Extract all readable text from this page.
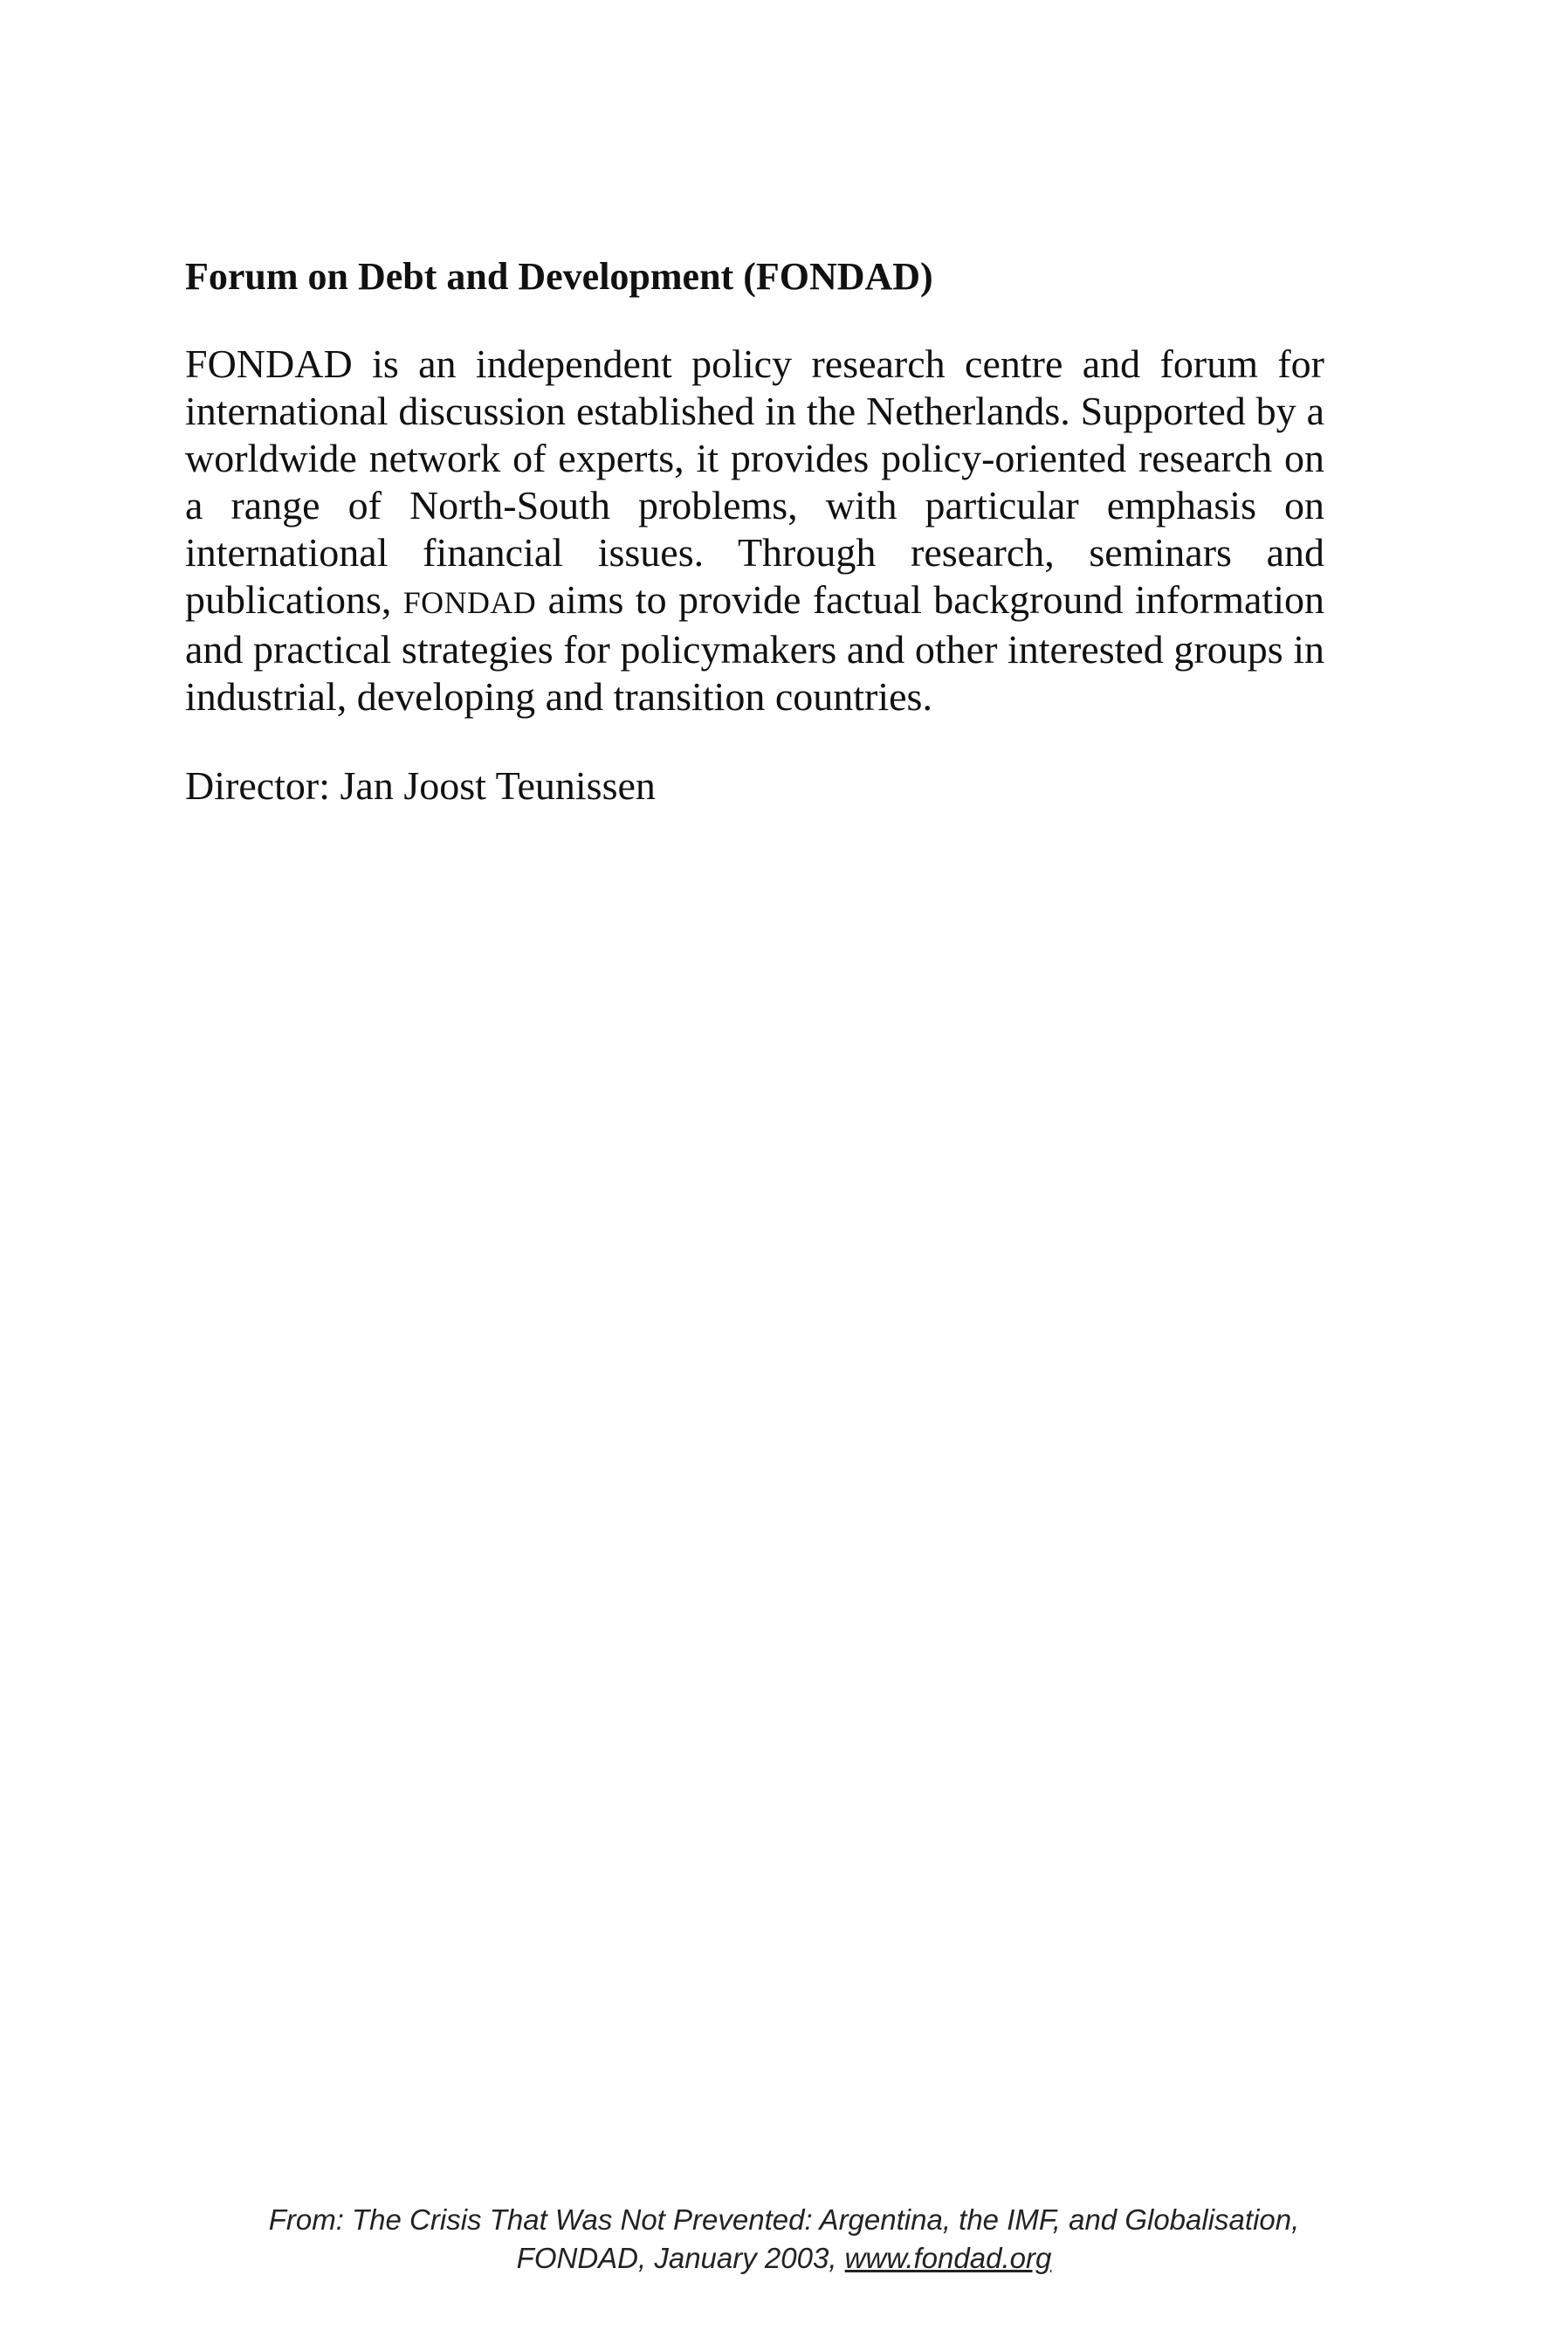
Forum on Debt and Development (FONDAD)

FONDAD is an independent policy research centre and forum for international discussion established in the Netherlands. Supported by a worldwide network of experts, it provides policy-oriented research on a range of North-South problems, with particular emphasis on international financial issues. Through research, seminars and publications, FONDAD aims to provide factual background information and practical strategies for policymakers and other interested groups in industrial, developing and transition countries.

Director: Jan Joost Teunissen

From: The Crisis That Was Not Prevented: Argentina, the IMF, and Globalisation,
FONDAD, January 2003, www.fondad.org
